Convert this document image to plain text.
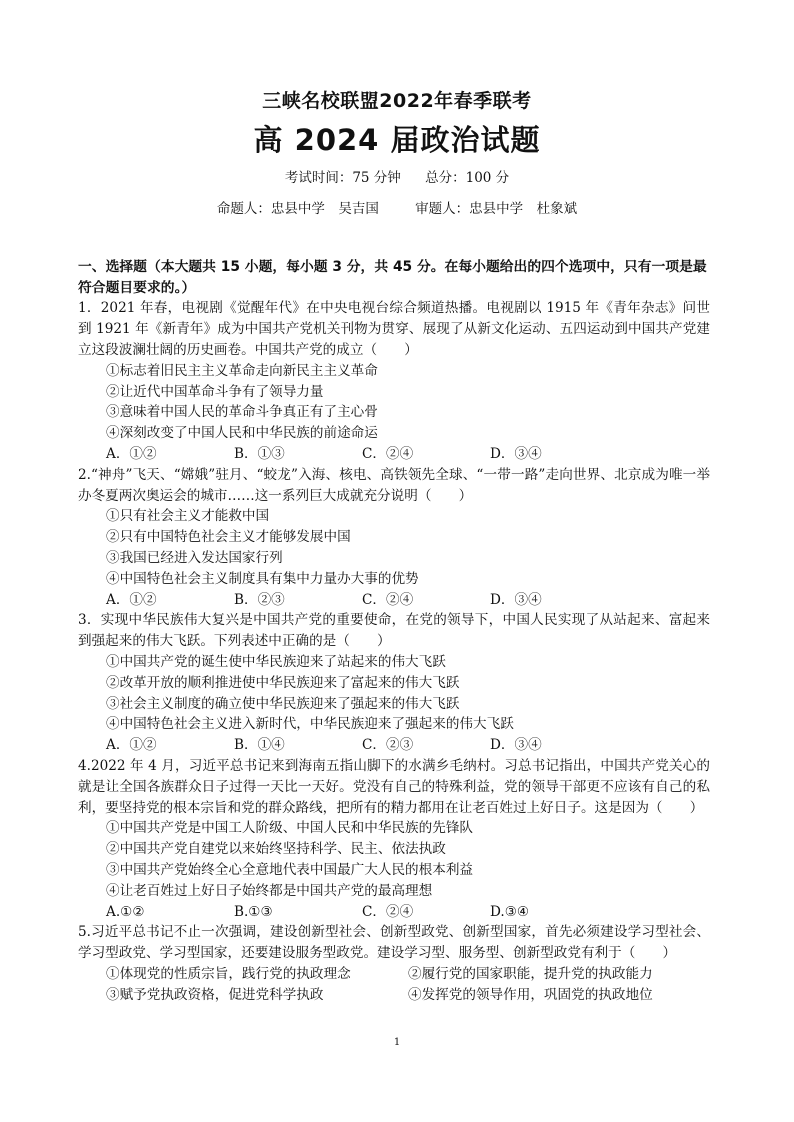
三峡名校联盟2022年春季联考
高 2024 届政治试题
考试时间：75 分钟 总分：100 分
命题人：忠县中学　吴吉国	审题人：忠县中学　杜象斌

一、选择题（本大题共 15 小题，每小题 3 分，共 45 分。在每小题给出的四个选项中，只有一项是最符合题目要求的。）

1．2021 年春，电视剧《觉醒年代》在中央电视台综合频道热播。电视剧以 1915 年《青年杂志》问世到 1921 年《新青年》成为中国共产党机关刊物为贯穿、展现了从新文化运动、五四运动到中国共产党建立这段波澜壮阔的历史画卷。中国共产党的成立（　　）

①标志着旧民主主义革命走向新民主主义革命

②让近代中国革命斗争有了领导力量

③意味着中国人民的革命斗争真正有了主心骨

④深刻改变了中国人民和中华民族的前途命运

A．①②	B．①③	C．②④	D．③④

2.“神舟”飞天、“嫦娥”驻月、“蛟龙”入海、核电、高铁领先全球、“一带一路”走向世界、北京成为唯一举办冬夏两次奥运会的城市……这一系列巨大成就充分说明（　　）

①只有社会主义才能救中国

②只有中国特色社会主义才能够发展中国

③我国已经进入发达国家行列

④中国特色社会主义制度具有集中力量办大事的优势

A．①②	B．②③	C．②④	D．③④

3．实现中华民族伟大复兴是中国共产党的重要使命，在党的领导下，中国人民实现了从站起来、富起来到强起来的伟大飞跃。下列表述中正确的是（　　）

①中国共产党的诞生使中华民族迎来了站起来的伟大飞跃

②改革开放的顺利推进使中华民族迎来了富起来的伟大飞跃

③社会主义制度的确立使中华民族迎来了强起来的伟大飞跃

④中国特色社会主义进入新时代，中华民族迎来了强起来的伟大飞跃

A．①②	B．①④	C．②③	D．③④

4.2022 年 4 月，习近平总书记来到海南五指山脚下的水满乡毛纳村。习总书记指出，中国共产党关心的就是让全国各族群众日子过得一天比一天好。党没有自己的特殊利益，党的领导干部更不应该有自己的私利，要坚持党的根本宗旨和党的群众路线，把所有的精力都用在让老百姓过上好日子。这是因为（　　）

①中国共产党是中国工人阶级、中国人民和中华民族的先锋队

②中国共产党自建党以来始终坚持科学、民主、依法执政

③中国共产党始终全心全意地代表中国最广大人民的根本利益

④让老百姓过上好日子始终都是中国共产党的最高理想

A.①②	B.①③	C．②④	D.③④

5.习近平总书记不止一次强调，建设创新型社会、创新型政党、创新型国家，首先必须建设学习型社会、学习型政党、学习型国家，还要建设服务型政党。建设学习型、服务型、创新型政党有利于（　　）

①体现党的性质宗旨，践行党的执政理念	②履行党的国家职能，提升党的执政能力
③赋予党执政资格，促进党科学执政	④发挥党的领导作用，巩固党的执政地位
1
